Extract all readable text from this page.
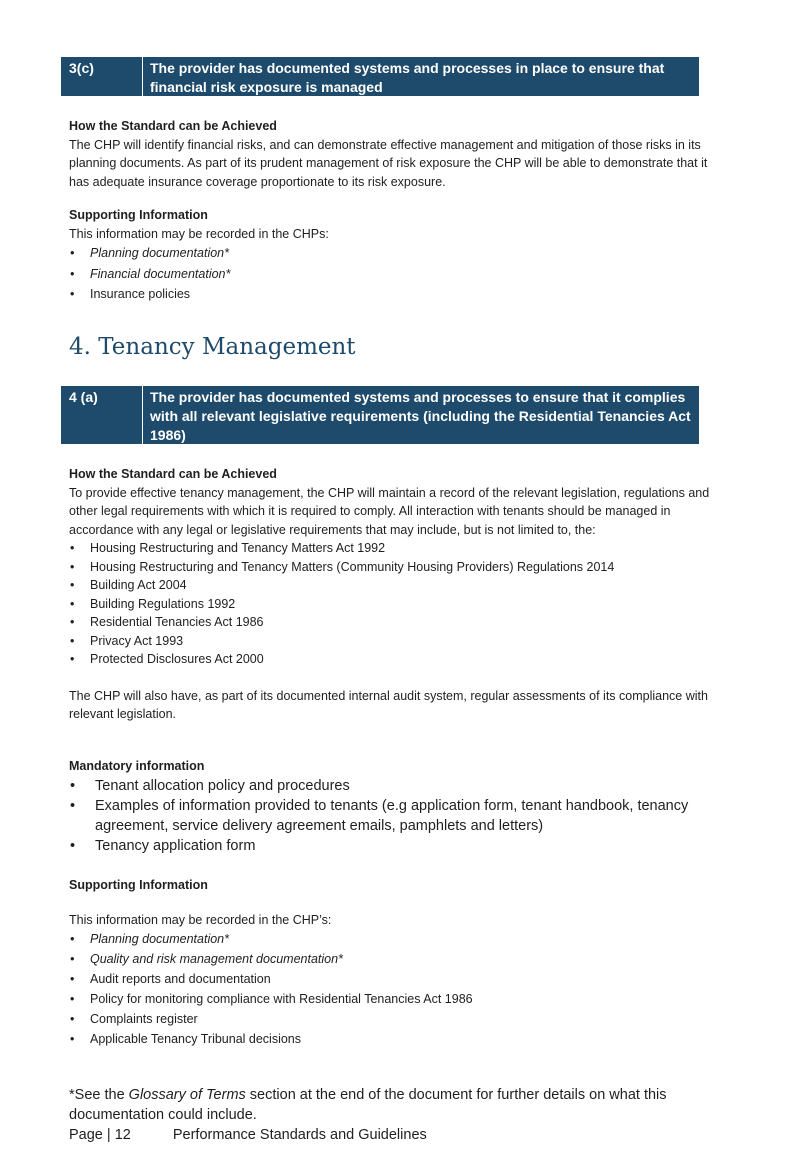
3(c)	The provider has documented systems and processes in place to ensure that financial risk exposure is managed
How the Standard can be Achieved

The CHP will identify financial risks, and can demonstrate effective management and mitigation of those risks in its planning documents. As part of its prudent management of risk exposure the CHP will be able to demonstrate that it has adequate insurance coverage proportionate to its risk exposure.

Supporting Information

This information may be recorded in the CHPs:

• Planning documentation*
• Financial documentation*
• Insurance policies
4. Tenancy Management
4 (a)	The provider has documented systems and processes to ensure that it complies with all relevant legislative requirements (including the Residential Tenancies Act 1986)
How the Standard can be Achieved

To provide effective tenancy management, the CHP will maintain a record of the relevant legislation, regulations and other legal requirements with which it is required to comply. All interaction with tenants should be managed in accordance with any legal or legislative requirements that may include, but is not limited to, the:

• Housing Restructuring and Tenancy Matters Act 1992
• Housing Restructuring and Tenancy Matters (Community Housing Providers) Regulations 2014
• Building Act 2004
• Building Regulations 1992
• Residential Tenancies Act 1986
• Privacy Act 1993
• Protected Disclosures Act 2000

The CHP will also have, as part of its documented internal audit system, regular assessments of its compliance with relevant legislation.

Mandatory information
• Tenant allocation policy and procedures
• Examples of information provided to tenants (e.g application form, tenant handbook, tenancy agreement, service delivery agreement emails, pamphlets and letters)
• Tenancy application form
Supporting Information

This information may be recorded in the CHP’s:

• Planning documentation*
• Quality and risk management documentation*
• Audit reports and documentation
• Policy for monitoring compliance with Residential Tenancies Act 1986
• Complaints register
• Applicable Tenancy Tribunal decisions
*See the Glossary of Terms section at the end of the document for further details on what this documentation could include.
Page | 12	Performance Standards and Guidelines
